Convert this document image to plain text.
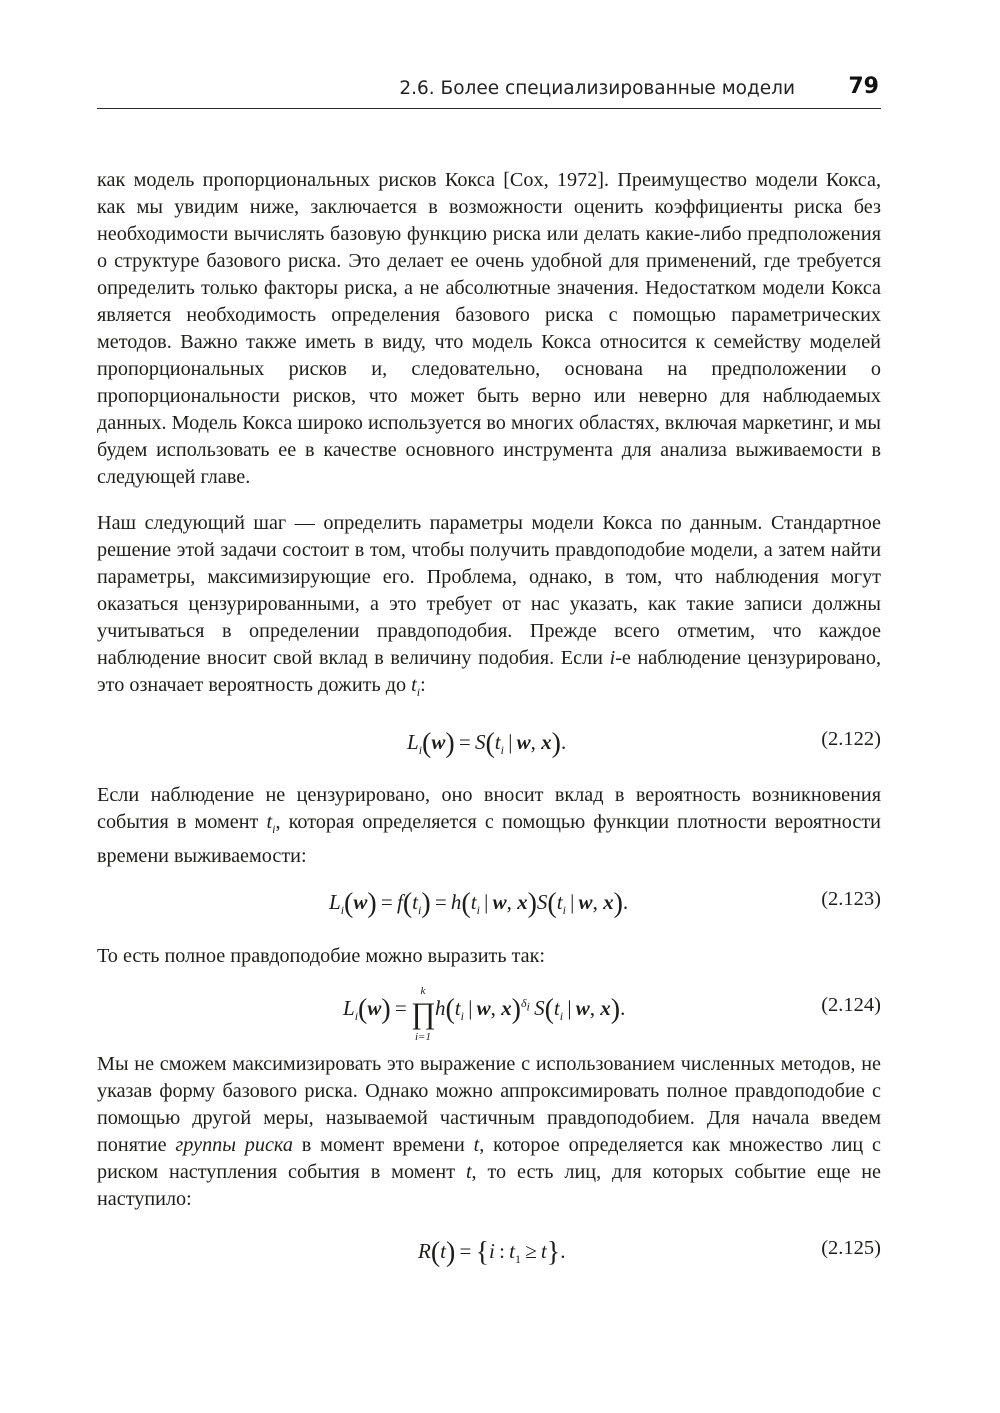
2.6. Более специализированные модели 79

как модель пропорциональных рисков Кокса [Cox, 1972]. Преимущество модели Кокса, как мы увидим ниже, заключается в возможности оценить коэффициенты риска без необходимости вычислять базовую функцию риска или делать какие-либо предположения о структуре базового риска. Это делает ее очень удобной для применений, где требуется определить только факторы риска, а не абсолютные значения. Недостатком модели Кокса является необходимость определения базового риска с помощью параметрических методов. Важно также иметь в виду, что модель Кокса относится к семейству моделей пропорциональных рисков и, следовательно, основана на предположении о пропорциональности рисков, что может быть верно или неверно для наблюдаемых данных. Модель Кокса широко используется во многих областях, включая маркетинг, и мы будем использовать ее в качестве основного инструмента для анализа выживаемости в следующей главе.

Наш следующий шаг — определить параметры модели Кокса по данным. Стандартное решение этой задачи состоит в том, чтобы получить правдоподобие модели, а затем найти параметры, максимизирующие его. Проблема, однако, в том, что наблюдения могут оказаться цензурированными, а это требует от нас указать, как такие записи должны учитываться в определении правдоподобия. Прежде всего отметим, что каждое наблюдение вносит свой вклад в величину подобия. Если i-е наблюдение цензурировано, это означает вероятность дожить до $t_i$:

$L_i(w) = S(t_i$ | w, x).	(2.122)

Если наблюдение не цензурировано, оно вносит вклад в вероятность возникновения события в момент $t_i$, которая определяется с помощью функции плотности вероятности времени выживаемости:

$L_i(w) = f(t_i) = h(t_i$ | w, $x)S(t_i$ | w, x).	(2.123)

То есть полное правдоподобие можно выразить так:

$L_i(w)$ = 
k
∏
i=1
$h(t_i$ | w, x)$^{\delta_i}$  $S(t_i$ | w, x).	(2.124)

Мы не сможем максимизировать это выражение с использованием численных методов, не указав форму базового риска. Однако можно аппроксимировать полное правдоподобие с помощью другой меры, называемой частичным правдоподобием. Для начала введем понятие группы риска в момент времени t, которое определяется как множество лиц с риском наступления события в момент t, то есть лиц, для которых событие еще не наступило:

R(t) = {i : $t_1 \ge t$}.	(2.125)
